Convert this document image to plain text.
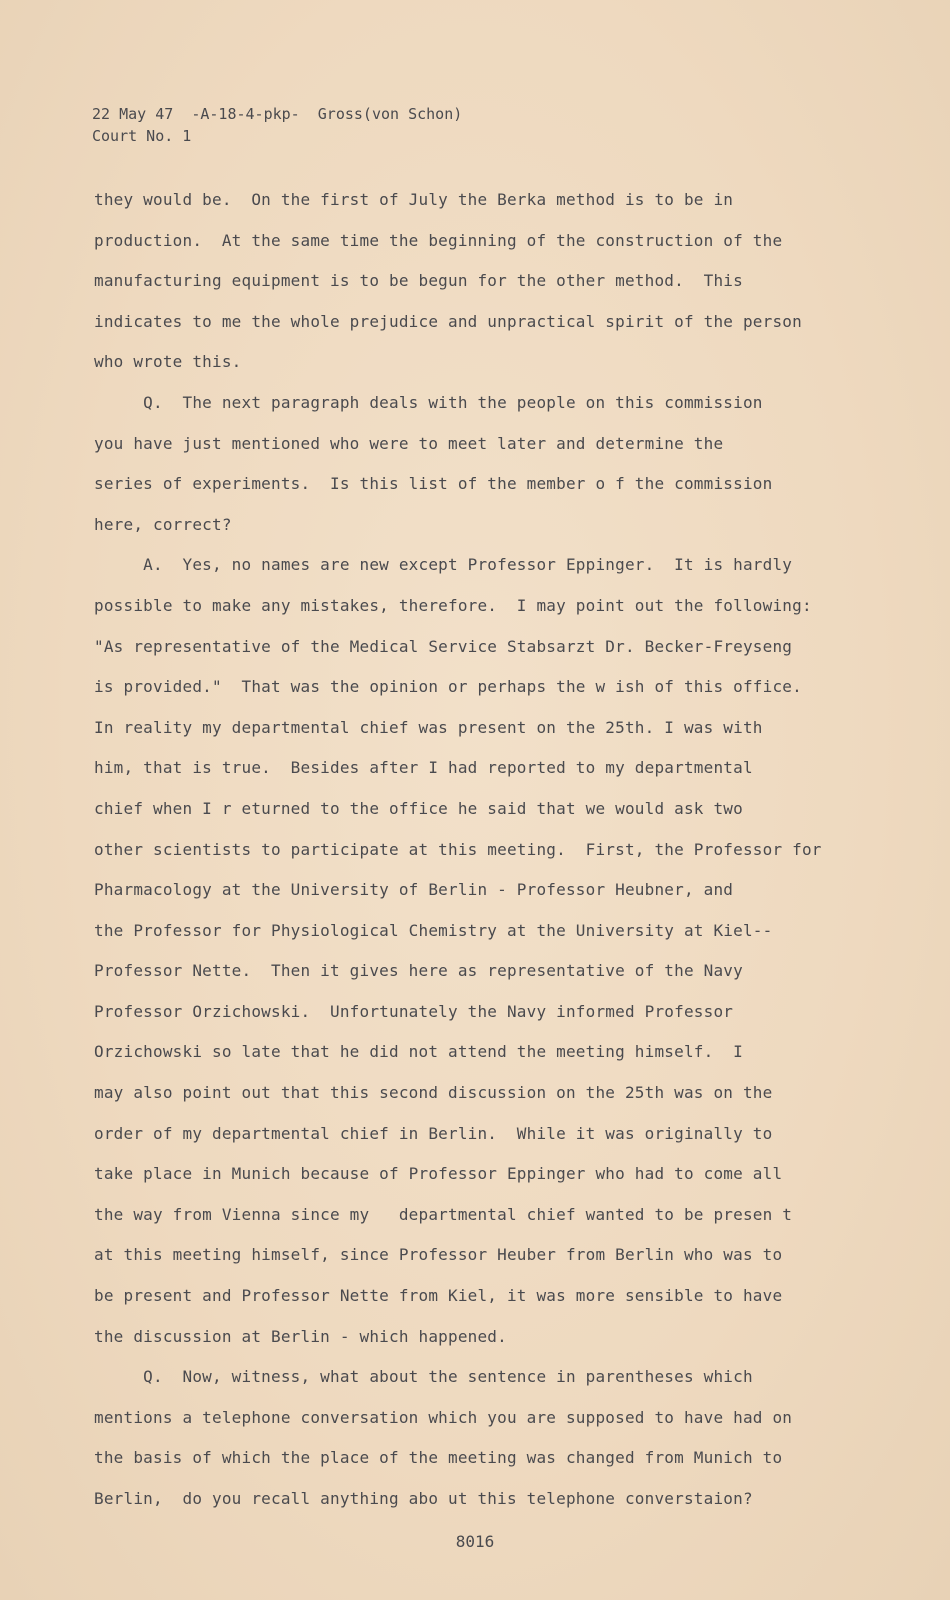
22 May 47  -A-18-4-pkp-  Gross(von Schon)
Court No. 1
they would be.  On the first of July the Berka method is to be in
production.  At the same time the beginning of the construction of the
manufacturing equipment is to be begun for the other method.  This
indicates to me the whole prejudice and unpractical spirit of the person
who wrote this.
Q.  The next paragraph deals with the people on this commission
you have just mentioned who were to meet later and determine the
series of experiments.  Is this list of the member o f the commission
here, correct?
A.  Yes, no names are new except Professor Eppinger.  It is hardly
possible to make any mistakes, therefore.  I may point out the following:
"As representative of the Medical Service Stabsarzt Dr. Becker-Freyseng
is provided."  That was the opinion or perhaps the w ish of this office.
In reality my departmental chief was present on the 25th. I was with
him, that is true.  Besides after I had reported to my departmental
chief when I r eturned to the office he said that we would ask two
other scientists to participate at this meeting.  First, the Professor for
Pharmacology at the University of Berlin - Professor Heubner, and
the Professor for Physiological Chemistry at the University at Kiel--
Professor Nette.  Then it gives here as representative of the Navy
Professor Orzichowski.  Unfortunately the Navy informed Professor
Orzichowski so late that he did not attend the meeting himself.  I
may also point out that this second discussion on the 25th was on the
order of my departmental chief in Berlin.  While it was originally to
take place in Munich because of Professor Eppinger who had to come all
the way from Vienna since my   departmental chief wanted to be presen t
at this meeting himself, since Professor Heuber from Berlin who was to
be present and Professor Nette from Kiel, it was more sensible to have
the discussion at Berlin - which happened.
Q.  Now, witness, what about the sentence in parentheses which
mentions a telephone conversation which you are supposed to have had on
the basis of which the place of the meeting was changed from Munich to
Berlin,  do you recall anything abo ut this telephone converstaion?
8016
